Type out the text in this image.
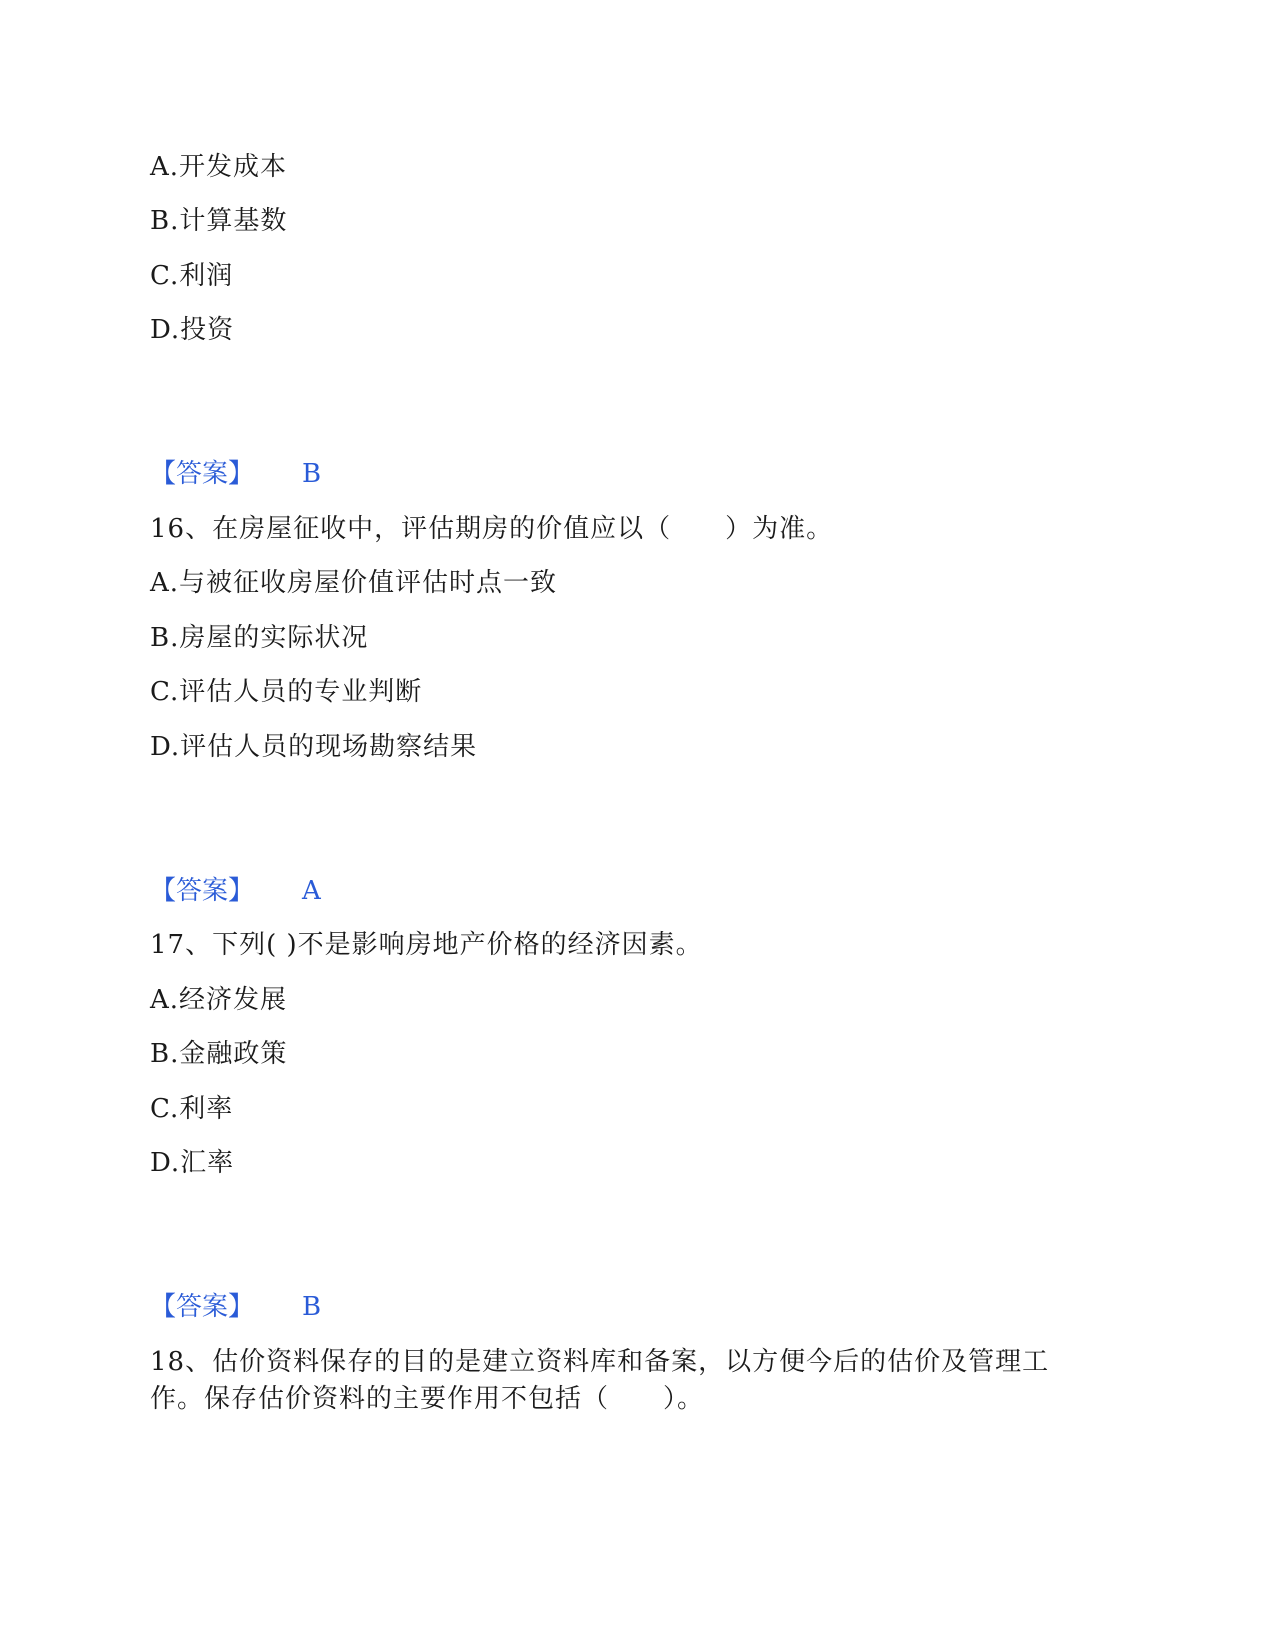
A.开发成本
B.计算基数
C.利润
D.投资
【答案】 B
16、在房屋征收中，评估期房的价值应以（　　）为准。
A.与被征收房屋价值评估时点一致
B.房屋的实际状况
C.评估人员的专业判断
D.评估人员的现场勘察结果
【答案】 A
17、下列( )不是影响房地产价格的经济因素。
A.经济发展
B.金融政策
C.利率
D.汇率
【答案】 B
18、估价资料保存的目的是建立资料库和备案，以方便今后的估价及管理工
作。保存估价资料的主要作用不包括（　　）。
